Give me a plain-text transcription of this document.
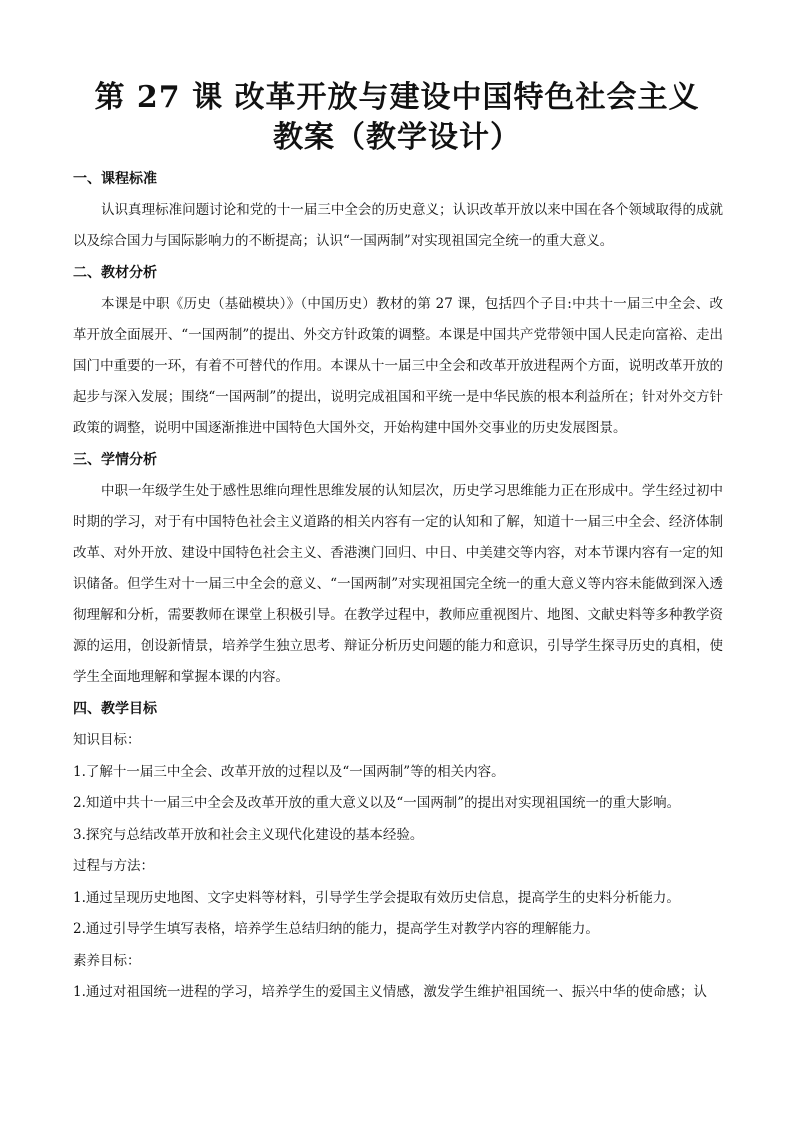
第 27 课 改革开放与建设中国特色社会主义
教案（教学设计）
一、课程标准

认识真理标准问题讨论和党的十一届三中全会的历史意义；认识改革开放以来中国在各个领域取得的成就以及综合国力与国际影响力的不断提高；认识“一国两制”对实现祖国完全统一的重大意义。

二、教材分析

本课是中职《历史（基础模块）》（中国历史）教材的第 27 课，包括四个子目:中共十一届三中全会、改革开放全面展开、“一国两制”的提出、外交方针政策的调整。本课是中国共产党带领中国人民走向富裕、走出国门中重要的一环，有着不可替代的作用。本课从十一届三中全会和改革开放进程两个方面，说明改革开放的起步与深入发展；围绕“一国两制”的提出，说明完成祖国和平统一是中华民族的根本利益所在；针对外交方针政策的调整，说明中国逐渐推进中国特色大国外交，开始构建中国外交事业的历史发展图景。

三、学情分析

中职一年级学生处于感性思维向理性思维发展的认知层次，历史学习思维能力正在形成中。学生经过初中时期的学习，对于有中国特色社会主义道路的相关内容有一定的认知和了解，知道十一届三中全会、经济体制改革、对外开放、建设中国特色社会主义、香港澳门回归、中日、中美建交等内容，对本节课内容有一定的知识储备。但学生对十一届三中全会的意义、“一国两制”对实现祖国完全统一的重大意义等内容未能做到深入透彻理解和分析，需要教师在课堂上积极引导。在教学过程中，教师应重视图片、地图、文献史料等多种教学资源的运用，创设新情景，培养学生独立思考、辩证分析历史问题的能力和意识，引导学生探寻历史的真相，使学生全面地理解和掌握本课的内容。

四、教学目标

知识目标：

1.了解十一届三中全会、改革开放的过程以及“一国两制”等的相关内容。

2.知道中共十一届三中全会及改革开放的重大意义以及“一国两制”的提出对实现祖国统一的重大影响。

3.探究与总结改革开放和社会主义现代化建设的基本经验。

过程与方法：

1.通过呈现历史地图、文字史料等材料，引导学生学会提取有效历史信息，提高学生的史料分析能力。

2.通过引导学生填写表格，培养学生总结归纳的能力，提高学生对教学内容的理解能力。

素养目标：

1.通过对祖国统一进程的学习，培养学生的爱国主义情感，激发学生维护祖国统一、振兴中华的使命感；认
